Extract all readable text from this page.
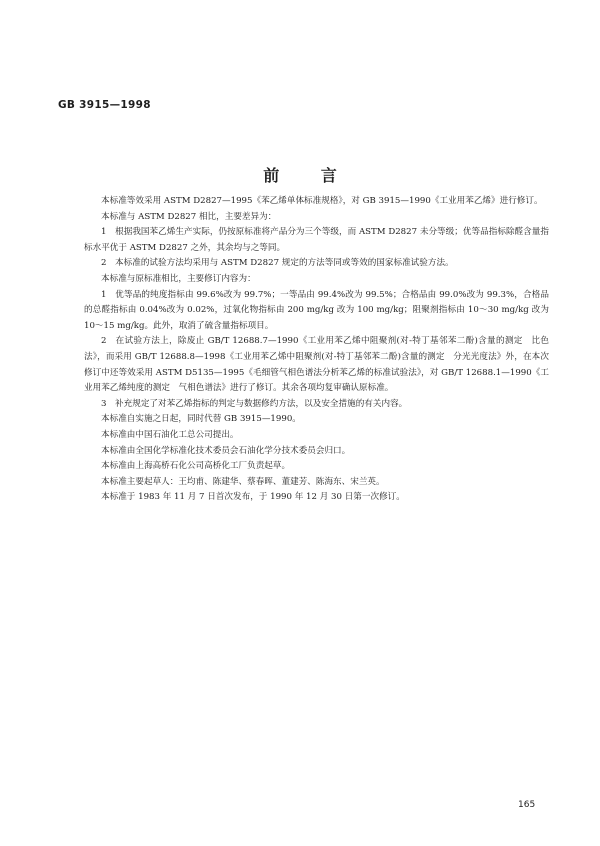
GB 3915—1998
前 言

本标准等效采用 ASTM D2827—1995《苯乙烯单体标准规格》，对 GB 3915—1990《工业用苯乙烯》进行修订。

本标准与 ASTM D2827 相比，主要差异为：

1　根据我国苯乙烯生产实际，仍按原标准将产品分为三个等级，而 ASTM D2827 未分等级；优等品指标除醛含量指标水平优于 ASTM D2827 之外，其余均与之等同。

2　本标准的试验方法均采用与 ASTM D2827 规定的方法等同或等效的国家标准试验方法。

本标准与原标准相比，主要修订内容为：

1　优等品的纯度指标由 99.6%改为 99.7%；一等品由 99.4%改为 99.5%；合格品由 99.0%改为 99.3%，合格品的总醛指标由 0.04%改为 0.02%，过氧化物指标由 200 mg/kg 改为 100 mg/kg；阻聚剂指标由 10～30 mg/kg 改为 10～15 mg/kg。此外，取消了硫含量指标项目。

2　在试验方法上，除废止 GB/T 12688.7—1990《工业用苯乙烯中阻聚剂(对-特丁基邻苯二酚)含量的测定　比色法》，而采用 GB/T 12688.8—1998《工业用苯乙烯中阻聚剂(对-特丁基邻苯二酚)含量的测定　分光光度法》外，在本次修订中还等效采用 ASTM D5135—1995《毛细管气相色谱法分析苯乙烯的标准试验法》，对 GB/T 12688.1—1990《工业用苯乙烯纯度的测定　气相色谱法》进行了修订。其余各项均复审确认原标准。

3　补充规定了对苯乙烯指标的判定与数据修约方法，以及安全措施的有关内容。

本标准自实施之日起，同时代替 GB 3915—1990。

本标准由中国石油化工总公司提出。

本标准由全国化学标准化技术委员会石油化学分技术委员会归口。

本标准由上海高桥石化公司高桥化工厂负责起草。

本标准主要起草人：王均甫、陈建华、蔡春晖、董建芳、陈海东、宋兰英。

本标准于 1983 年 11 月 7 日首次发布，于 1990 年 12 月 30 日第一次修订。

165
